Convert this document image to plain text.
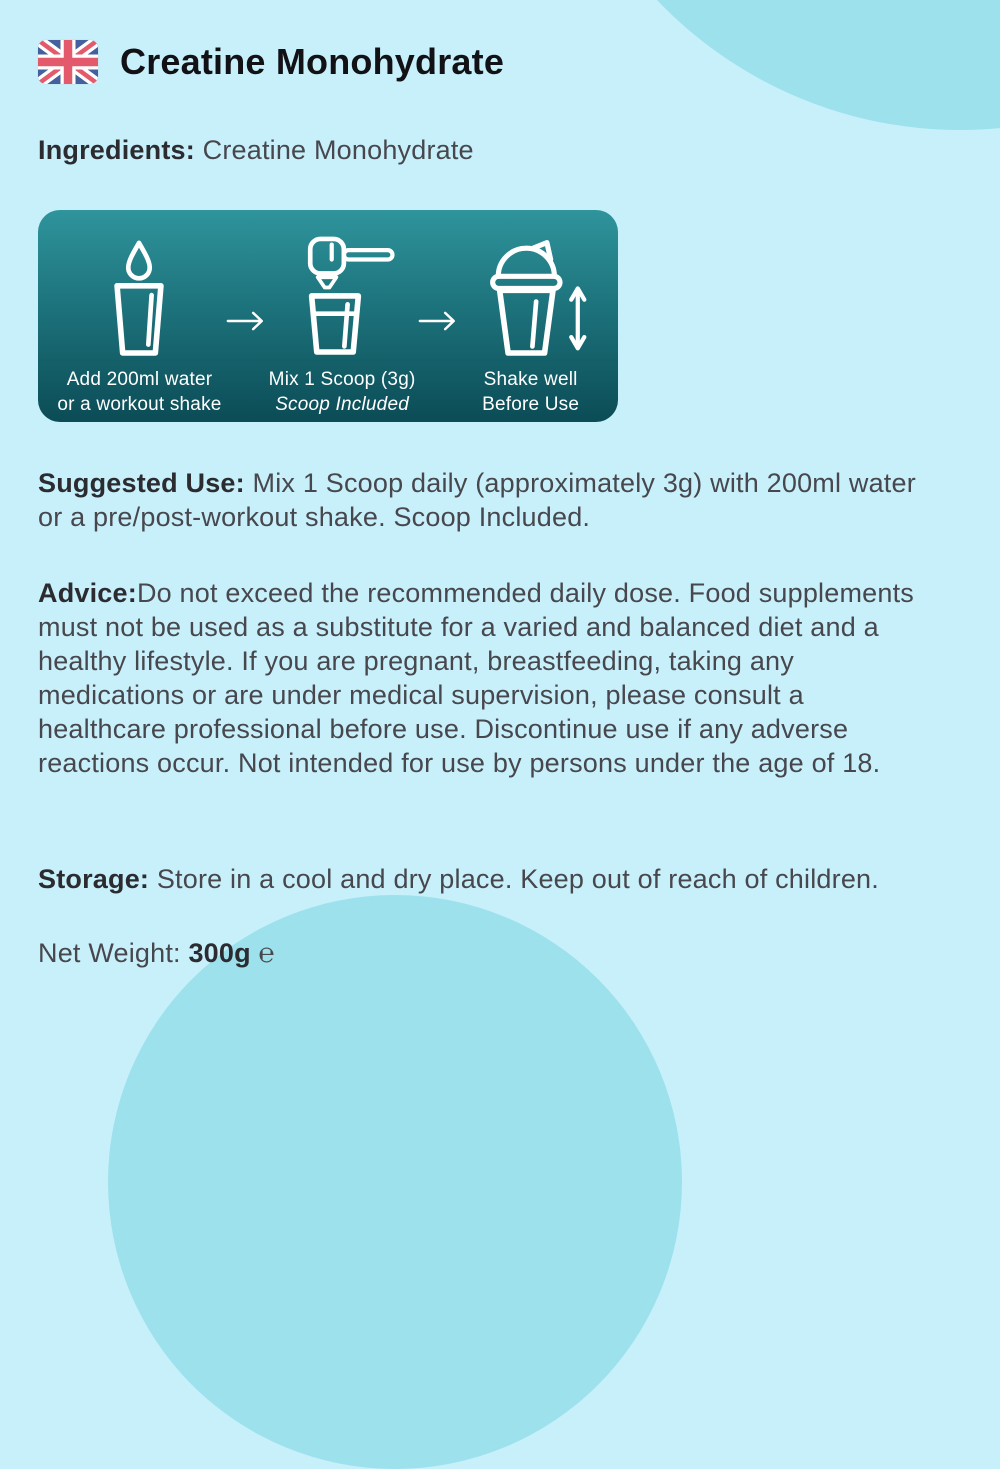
Creatine Monohydrate
Ingredients: Creatine Monohydrate
Add 200ml water
or a workout shake
Mix 1 Scoop (3g)
Scoop Included
Shake well
Before Use
Suggested Use: Mix 1 Scoop daily (approximately 3g) with 200ml water or a pre/post-workout shake. Scoop Included.
Advice:Do not exceed the recommended daily dose. Food supplements must not be used as a substitute for a varied and balanced diet and a healthy lifestyle. If you are pregnant, breastfeeding, taking any medications or are under medical supervision, please consult a healthcare professional before use. Discontinue use if any adverse reactions occur. Not intended for use by persons under the age of 18.
Storage: Store in a cool and dry place. Keep out of reach of children.
Net Weight: 300g ℮
